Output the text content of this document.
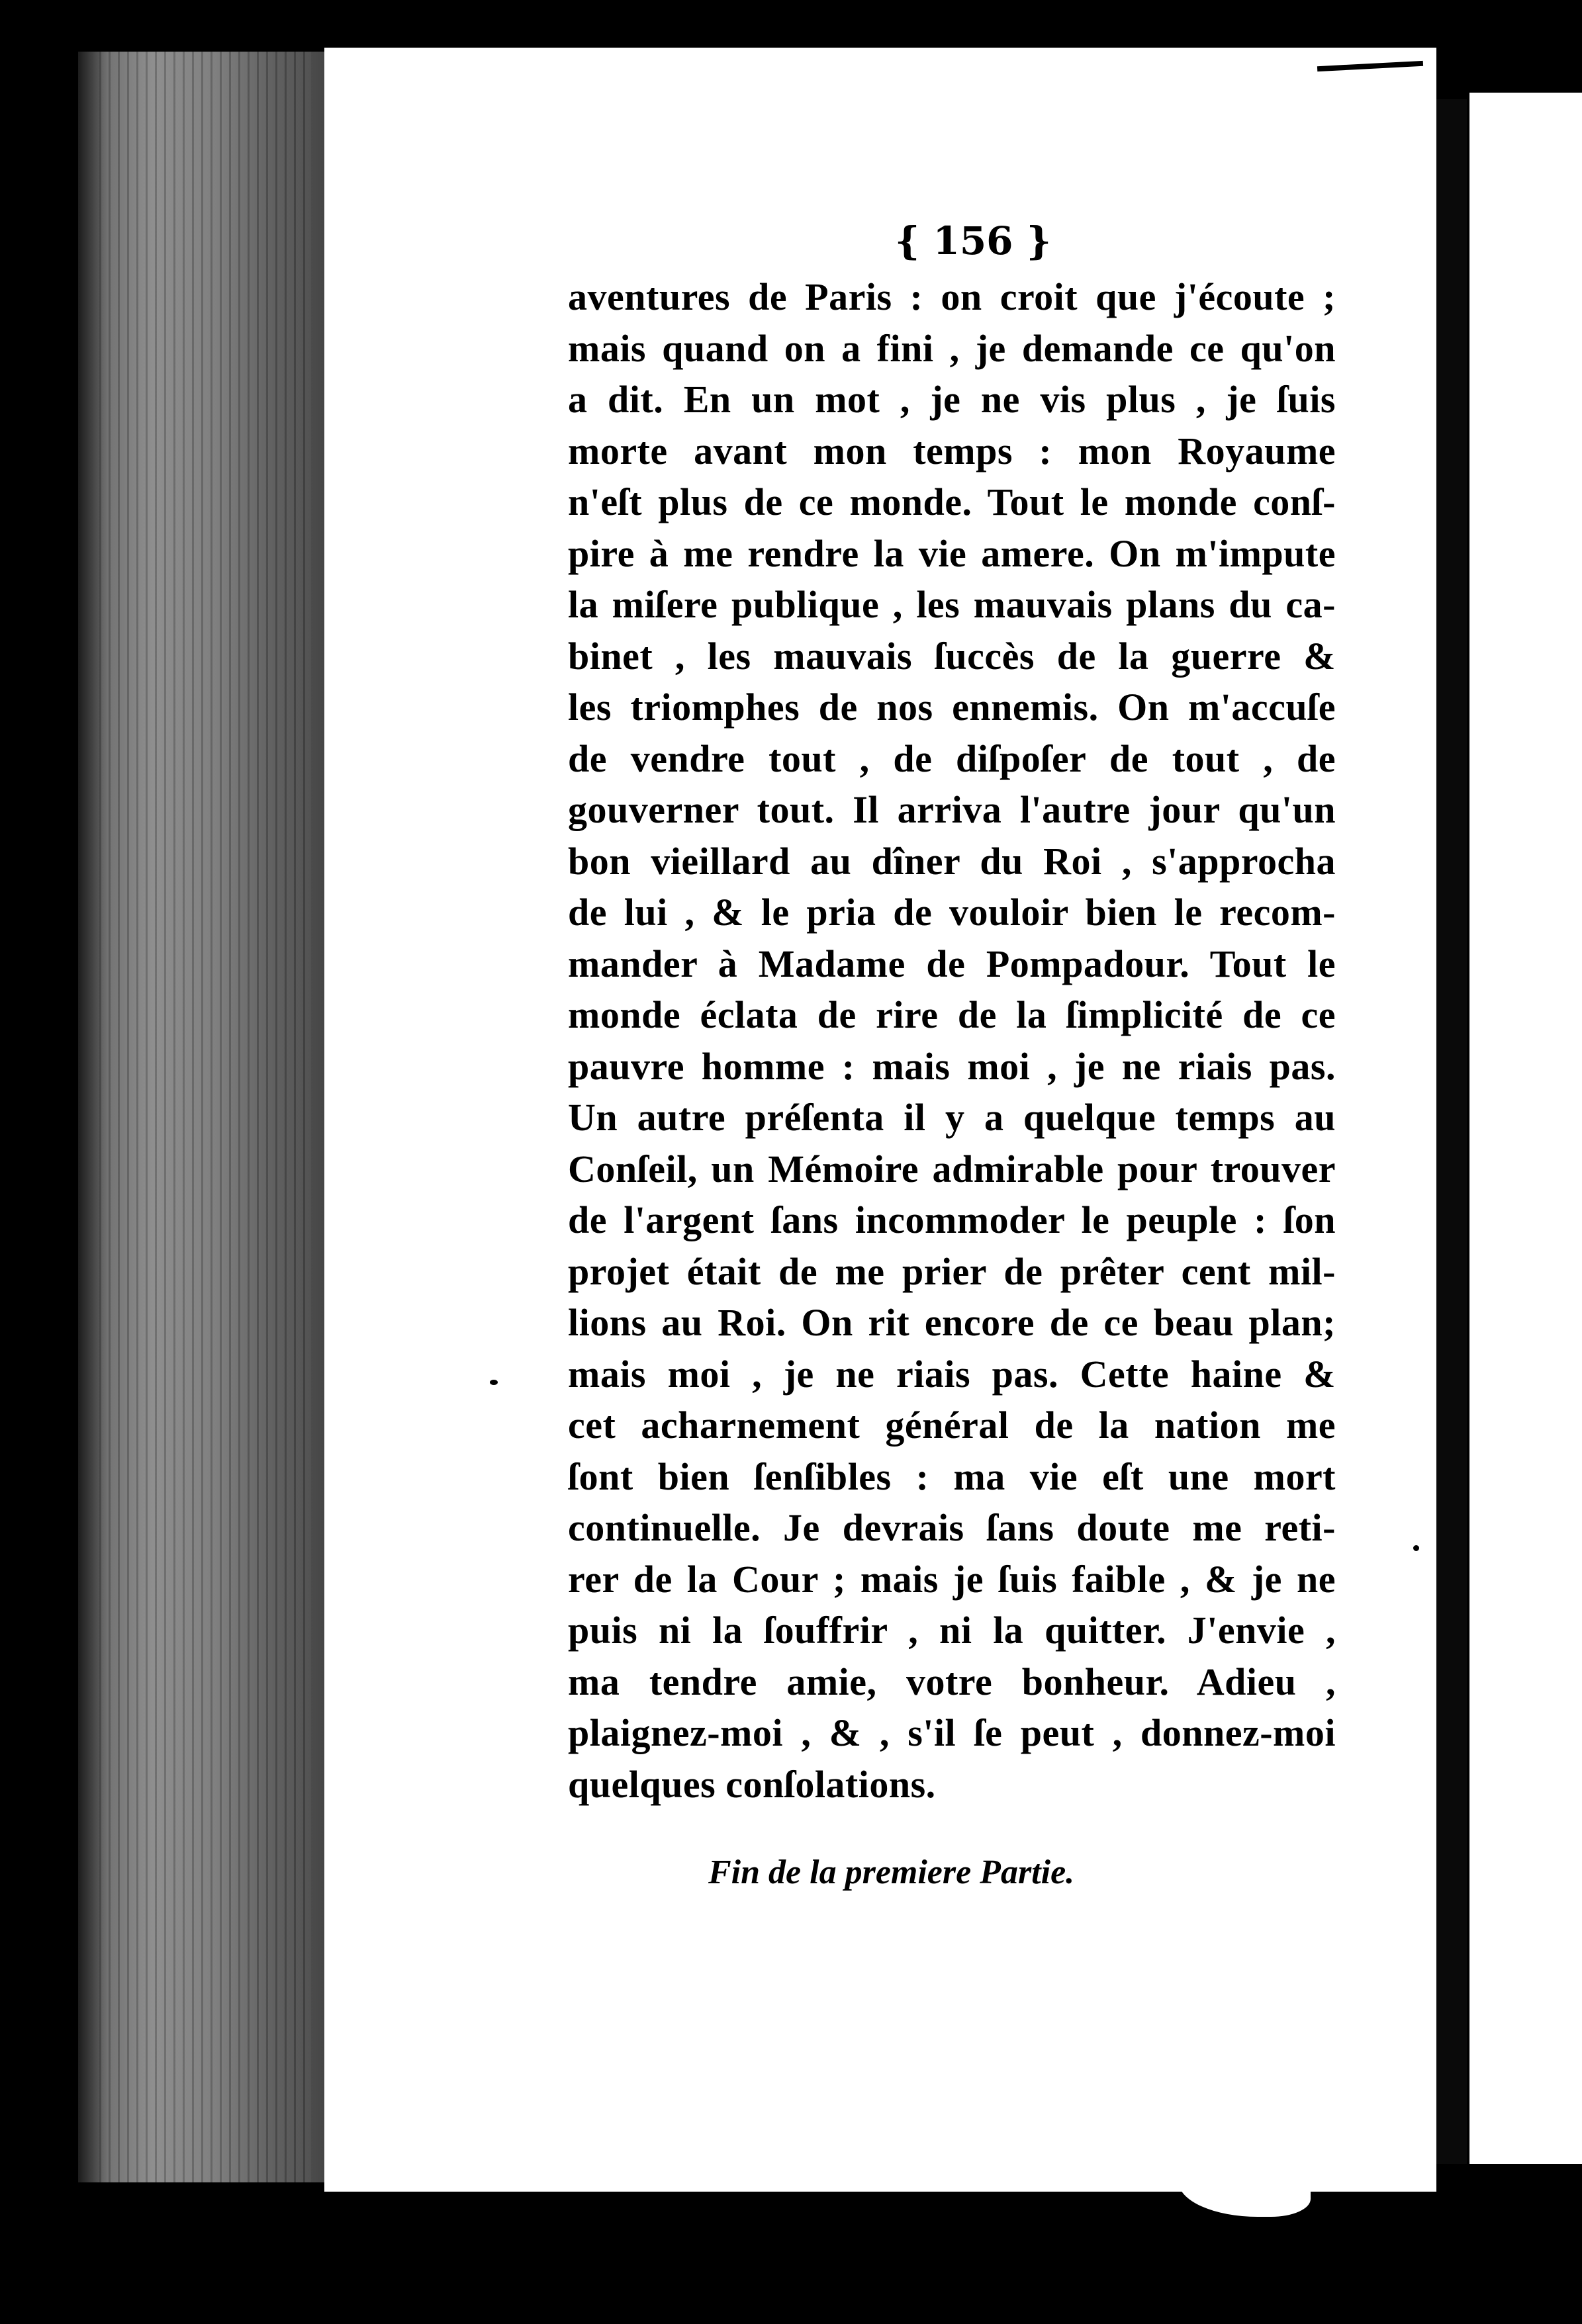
{ 156 }
aventures de Paris : on croit que j'écoute ;
mais quand on a fini , je demande ce qu'on
a dit. En un mot , je ne vis plus , je ſuis
morte avant mon temps : mon Royaume
n'eſt plus de ce monde. Tout le monde conſ-
pire à me rendre la vie amere. On m'impute
la miſere publique , les mauvais plans du ca-
binet , les mauvais ſuccès de la guerre &
les triomphes de nos ennemis. On m'accuſe
de vendre tout , de diſpoſer de tout , de
gouverner tout. Il arriva l'autre jour qu'un
bon vieillard au dîner du Roi , s'approcha
de lui , & le pria de vouloir bien le recom-
mander à Madame de Pompadour. Tout le
monde éclata de rire de la ſimplicité de ce
pauvre homme : mais moi , je ne riais pas.
Un autre préſenta il y a quelque temps au
Conſeil, un Mémoire admirable pour trouver
de l'argent ſans incommoder le peuple : ſon
projet était de me prier de prêter cent mil-
lions au Roi. On rit encore de ce beau plan;
mais moi , je ne riais pas. Cette haine &
cet acharnement général de la nation me
ſont bien ſenſibles : ma vie eſt une mort
continuelle. Je devrais ſans doute me reti-
rer de la Cour ; mais je ſuis faible , & je ne
puis ni la ſouffrir , ni la quitter. J'envie ,
ma tendre amie, votre bonheur. Adieu ,
plaignez-moi , & , s'il ſe peut , donnez-moi
quelques conſolations.
Fin de la premiere Partie.
